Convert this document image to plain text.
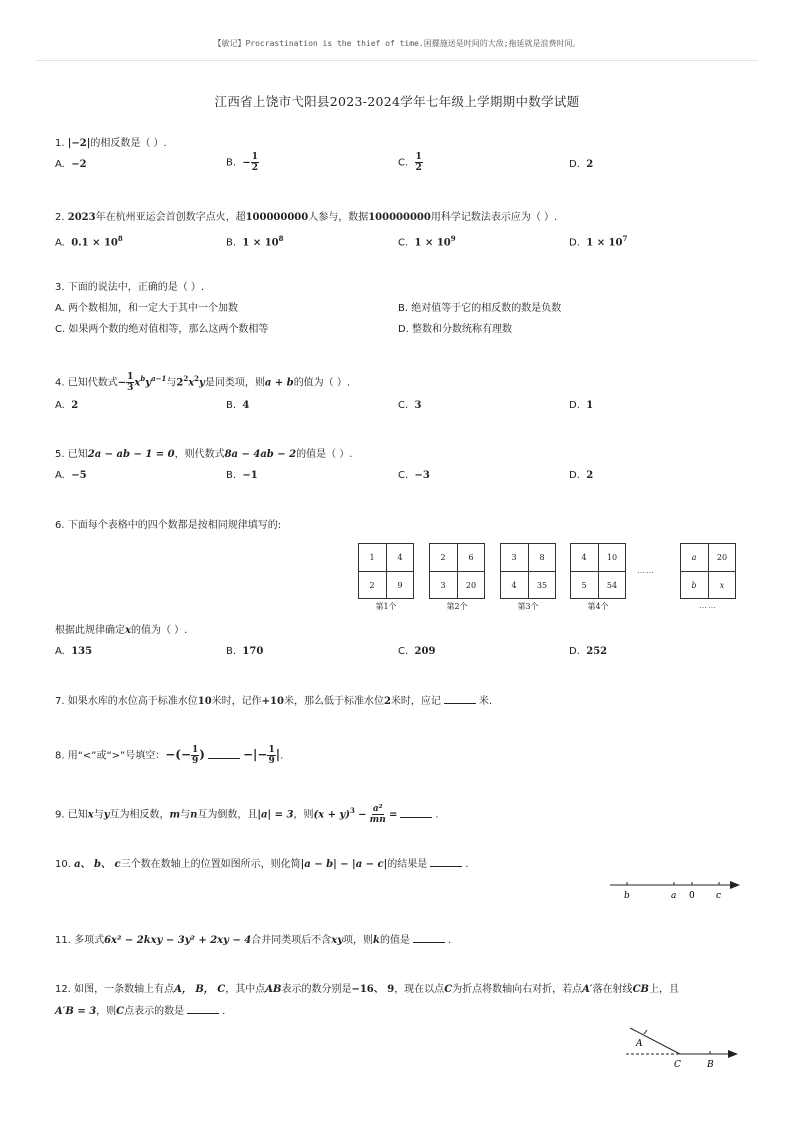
【敏记】Procrastination is the thief of time.困擺施送是时间的大敌;拖延就是浪费时间。
江西省上饶市弋阳县2023-2024学年七年级上学期期中数学试题
1. |−2|的相反数是（ ）.
A. −2	B. − $\frac{1}{2}$	C. $\frac{1}{2}$	D. 2
2. 2023年在杭州亚运会首创数字点火，超100000000人参与，数据100000000用科学记数法表示应为（ ）.
A. $0.1 \times 10^8$	B. $1 \times 10^8$	C. $1 \times 10^9$	D. $1 \times 10^7$
3. 下面的说法中，正确的是（ ）.
A. 两个数相加，和一定大于其中一个加数	B. 绝对值等于它的相反数的数是负数
C. 如果两个数的绝对值相等，那么这两个数相等	D. 整数和分数统称有理数
4. 已知代数式− $\frac{1}{3} x^by^{a-1}$与$2^2x^2y$是同类项，则a + b的值为（ ）.
A. 2	B. 4	C. 3	D. 1
5. 已知2a − ab − 1 = 0，则代数式8a − 4ab − 2的值是（ ）.
A. −5	B. −1	C. −3	D. 2
6. 下面每个表格中的四个数都是按相同规律填写的:
1	4
2	9
第1个
2	6
3	20
第2个
3	8
4	35
第3个
4	10
5	54
第4个
……
a	20
b	x
……
根据此规律确定x的值为（ ）.
A. 135	B. 170	C. 209	D. 252
7. 如果水库的水位高于标准水位10米时，记作+10米，那么低于标准水位2米时，应记	米.
8. 用“<”或“>”号填空：−(− $\frac{1}{9}$ )	−|− $\frac{1}{9}$ |.
9. 已知x与y互为相反数，m与n互为倒数，且|a| = 3，则$(x + y)^3 - \frac{\text{a²}}{mn}$ =	.
10. a、 b、 c三个数在数轴上的位置如图所示，则化简|a − b| − |a − c|的结果是	.
b	a 0 c
11. 多项式6x² − 2kxy − 3y² + 2xy − 4合并同类项后不含xy项，则k的值是	.
12. 如图，一条数轴上有点A， B， C，其中点AB表示的数分别是−16、 9，现在以点C为折点将数轴向右对折，若点A′落在射线CB上，且
A′B = 3，则C点表示的数是	.
A
C	B
